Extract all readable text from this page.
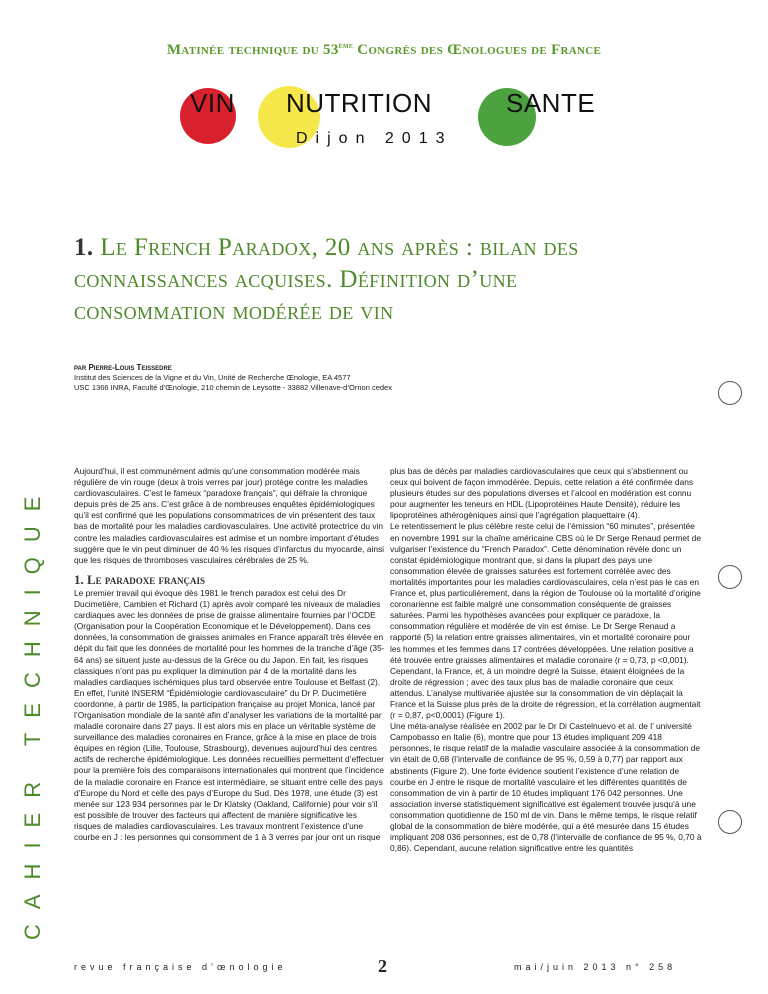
Matinée technique du 53ème Congrès des Œnologues de France
VIN NUTRITION	SANTE
Dijon 2013
1. Le French Paradox, 20 ans après : bilan des connaissances acquises. Définition d’une consommation modérée de vin
CAHIER TECHNIQUE
par Pierre-Louis Teissedre
Institut des Sciences de la Vigne et du Vin, Unité de Recherche Œnologie, EA 4577
USC 1366 INRA, Faculté d’Œnologie, 210 chemin de Leysotte - 33882 Villenave-d’Ornon cedex

Aujourd’hui, il est communément admis qu’une consommation modérée mais régulière de vin rouge (deux à trois verres par jour) protège contre les maladies cardiovasculaires. C’est le fameux “paradoxe français”, qui défraie la chronique depuis près de 25 ans. C’est grâce à de nombreuses enquêtes épidémiologiques qu’il est confirmé que les populations consommatrices de vin présentent des taux bas de mortalité pour les maladies cardiovasculaires. Une activité protectrice du vin contre les maladies cardiovasculaires est admise et un nombre important d’études suggère que le vin peut diminuer de 40 % les risques d’infarctus du myocarde, ainsi que les risques de thromboses vasculaires cérébrales de 25 %.

1. Le paradoxe français

Le premier travail qui évoque dès 1981 le french paradox est celui des Dr Ducimetière, Cambien et Richard (1) après avoir comparé les niveaux de maladies cardiaques avec les données de prise de graisse alimentaire fournies par l’OCDE (Organisation pour la Coopération Economique et le Développement). Dans ces données, la consommation de graisses animales en France apparaît très élevée en dépit du fait que les données de mortalité pour les hommes de la tranche d’âge (35-64 ans) se situent juste au-dessus de la Grèce ou du Japon. En fait, les risques classiques n’ont pas pu expliquer la diminution par 4 de la mortalité dans les maladies cardiaques ischémiques plus tard observée entre Toulouse et Belfast (2).

En effet, l’unité INSERM “Épidémiologie cardiovasculaire” du Dr P. Ducimetière coordonne, à partir de 1985, la participation française au projet Monica, lancé par l’Organisation mondiale de la santé afin d’analyser les variations de la mortalité par maladie coronaire dans 27 pays. Il est alors mis en place un véritable système de surveillance des maladies coronaires en France, grâce à la mise en place de trois équipes en région (Lille, Toulouse, Strasbourg), devenues aujourd’hui des centres actifs de recherche épidémiologique. Les données recueillies permettent d’effectuer pour la première fois des comparaisons internationales qui montrent que l’incidence de la maladie coronaire en France est intermédiaire, se situant entre celle des pays d’Europe du Nord et celle des pays d’Europe du Sud. Dès 1978, une étude (3) est menée sur 123 934 personnes par le Dr Klatsky (Oakland, Californie) pour voir s’il est possible de trouver des facteurs qui affectent de manière significative les risques de maladies cardiovasculaires. Les travaux montrent l’existence d’une courbe en J : les personnes qui consomment de 1 à 3 verres par jour ont un risque

plus bas de décès par maladies cardiovasculaires que ceux qui s’abstiennent ou ceux qui boivent de façon immodérée. Depuis, cette relation a été confirmée dans plusieurs études sur des populations diverses et l’alcool en modération est connu pour augmenter les teneurs en HDL (Lipoprotéines Haute Densité), réduire les lipoprotéines athérogèniques ainsi que l’agrégation plaquettaire (4).

Le retentissement le plus célèbre reste celui de l’émission “60 minutes”, présentée en novembre 1991 sur la chaîne américaine CBS où le Dr Serge Renaud permet de vulgariser l’existence du “French Paradox”. Cette dénomination révèle donc un constat épidémiologique montrant que, si dans la plupart des pays une consommation élevée de graisses saturées est fortement corrélée avec des mortalités importantes pour les maladies cardiovasculaires, cela n’est pas le cas en France et, plus particulièrement, dans la région de Toulouse où la mortalité d’origine coronarienne est faible malgré une consommation conséquente de graisses saturées. Parmi les hypothèses avancées pour expliquer ce paradoxe, la consommation régulière et modérée de vin est émise. Le Dr Serge Renaud a rapporté (5) la relation entre graisses alimentaires, vin et mortalité coronaire pour les hommes et les femmes dans 17 contrées développées. Une relation positive a été trouvée entre graisses alimentaires et maladie coronaire (r = 0,73, p <0,001). Cependant, la France, et, à un moindre degré la Suisse, étaient éloignées de la droite de régression ; avec des taux plus bas de maladie coronaire que ceux attendus. L’analyse multivariée ajustée sur la consommation de vin déplaçait la France et la Suisse plus près de la droite de régression, et la corrélation augmentait (r = 0,87, p<0,0001) (Figure 1).

Une méta-analyse réalisée en 2002 par le Dr Di Castelnuevo et al. de l’ université Campobasso en Italie (6), montre que pour 13 études impliquant 209 418 personnes, le risque relatif de la maladie vasculaire associée à la consommation de vin était de 0,68 (l’intervalle de confiance de 95 %, 0,59 à 0,77) par rapport aux abstinents (Figure 2). Une forte évidence soutient l’existence d’une relation de courbe en J entre le risque de mortalité vasculaire et les différentes quantités de consommation de vin à partir de 10 études impliquant 176 042 personnes. Une association inverse statistiquement significative est également trouvée jusqu’à une consommation quotidienne de 150 ml de vin. Dans le même temps, le risque relatif global de la consommation de bière modérée, qui a été mesurée dans 15 études impliquant 208 036 personnes, est de 0,78 (l’intervalle de confiance de 95 %, 0,70 à 0,86). Cependant, aucune relation significative entre les quantités

revue française d’œnologie	2	mai/juin 2013 n° 258
